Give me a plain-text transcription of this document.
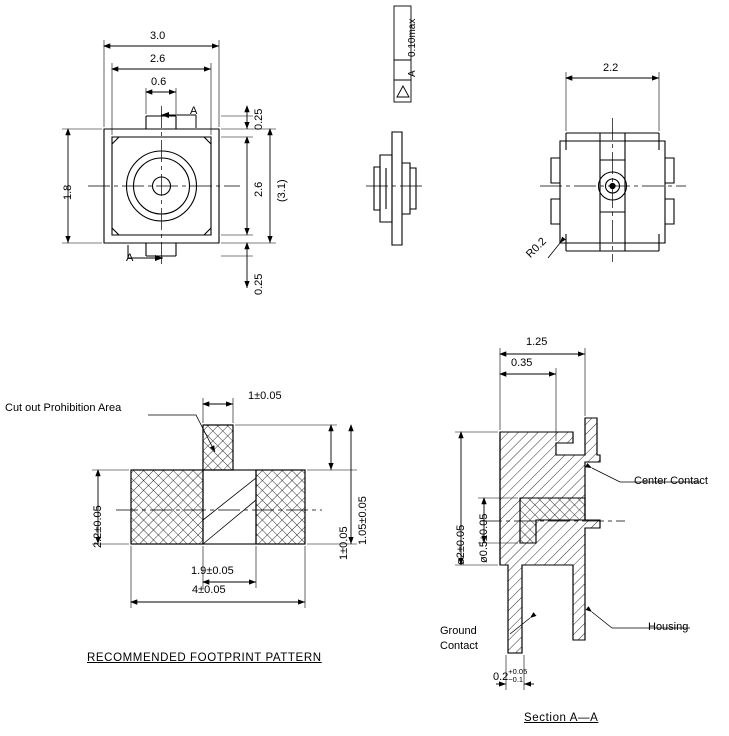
3.0
2.6
0.6
1.8	2.6 (3.1)
0.25
0.25
A
A
0.10max
A	2.2
R0.2
Cut out Prohibition Area
1±0.05
2.2±0.05
1.9±0.05
4±0.05
1±0.05 1.05±0.05
RECOMMENDED FOOTPRINT PATTERN
1.25
0.35
ø2±0.05 ø0.5±0.05
Center Contact
Housing
Ground
Contact
0.2+0.05
−0.1
Section A—A
